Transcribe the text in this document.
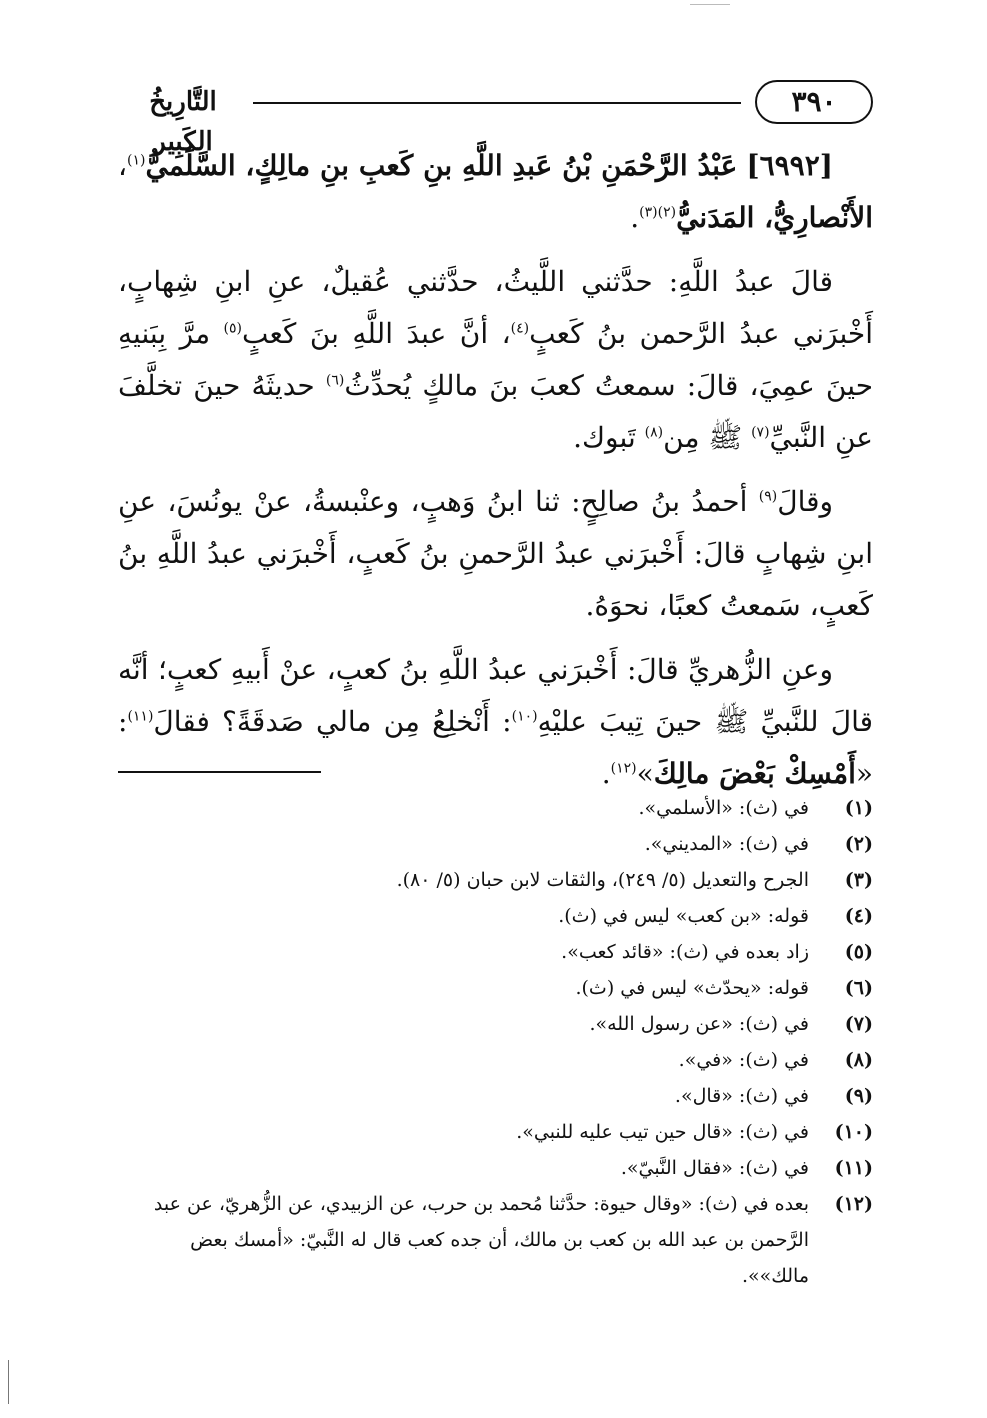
٣٩٠
التَّارِيخُ الكَبِير

[٦٩٩٢] عَبْدُ الرَّحْمَنِ بْنُ عَبدِ اللَّهِ بنِ كَعبِ بنِ مالِكٍ، السَّلَميُّ$^{(١)}$، الأَنْصارِيُّ، المَدَنيُّ$^{(٢)(٣)}$.

قالَ عبدُ اللَّهِ: حدَّثني اللَّيثُ، حدَّثني عُقيلٌ، عنِ ابنِ شِهابٍ، أَخْبرَني عبدُ الرَّحمن بنُ كَعبٍ$^{(٤)}$، أنَّ عبدَ اللَّهِ بنَ كَعبٍ$^{(٥)}$ مرَّ بِبَنيهِ حينَ عمِيَ، قالَ: سمعتُ كعبَ بنَ مالكٍ يُحدِّثُ$^{(٦)}$ حديثَهُ حينَ تخلَّفَ عنِ النَّبيِّ$^{(٧)}$ ﷺ مِن$^{(٨)}$ تَبوك.

وقالَ$^{(٩)}$ أحمدُ بنُ صالِحٍ: ثنا ابنُ وَهبٍ، وعنْبسةُ، عنْ يونُسَ، عنِ ابنِ شِهابٍ قالَ: أَخْبرَني عبدُ الرَّحمنِ بنُ كَعبٍ، أَخْبرَني عبدُ اللَّهِ بنُ كَعبٍ، سَمعتُ كعبًا، نحوَهُ.

وعنِ الزُّهريِّ قالَ: أَخْبرَني عبدُ اللَّهِ بنُ كعبٍ، عنْ أَبيهِ كعبٍ؛ أنَّه قالَ للنَّبيِّ ﷺ حينَ تِيبَ عليْهِ$^{(١٠)}$: أَنْخلِعُ مِن مالي صَدقَةً؟ فقالَ$^{(١١)}$: «أَمْسِكْ بَعْضَ مالِكَ»$^{(١٢)}$.

(١)
في (ث): «الأسلمي».
(٢)
في (ث): «المديني».
(٣)
الجرح والتعديل (٥/ ٢٤٩)، والثقات لابن حبان (٥/ ٨٠).
(٤)
قوله: «بن كعب» ليس في (ث).
(٥)
زاد بعده في (ث): «قائد كعب».
(٦)
قوله: «يحدّث» ليس في (ث).
(٧)
في (ث): «عن رسول الله».
(٨)
في (ث): «في».
(٩)
في (ث): «قال».
(١٠)
في (ث): «قال حين تيب عليه للنبي».
(١١)
في (ث): «فقال النَّبيّ».
(١٢)
بعده في (ث): «وقال حيوة: حدَّثنا مُحمد بن حرب، عن الزبيدي، عن الزُّهريّ، عن عبد الرَّحمن بن عبد الله بن كعب بن مالك، أن جده كعب قال له النَّبيّ: «أمسك بعض مالك»».
